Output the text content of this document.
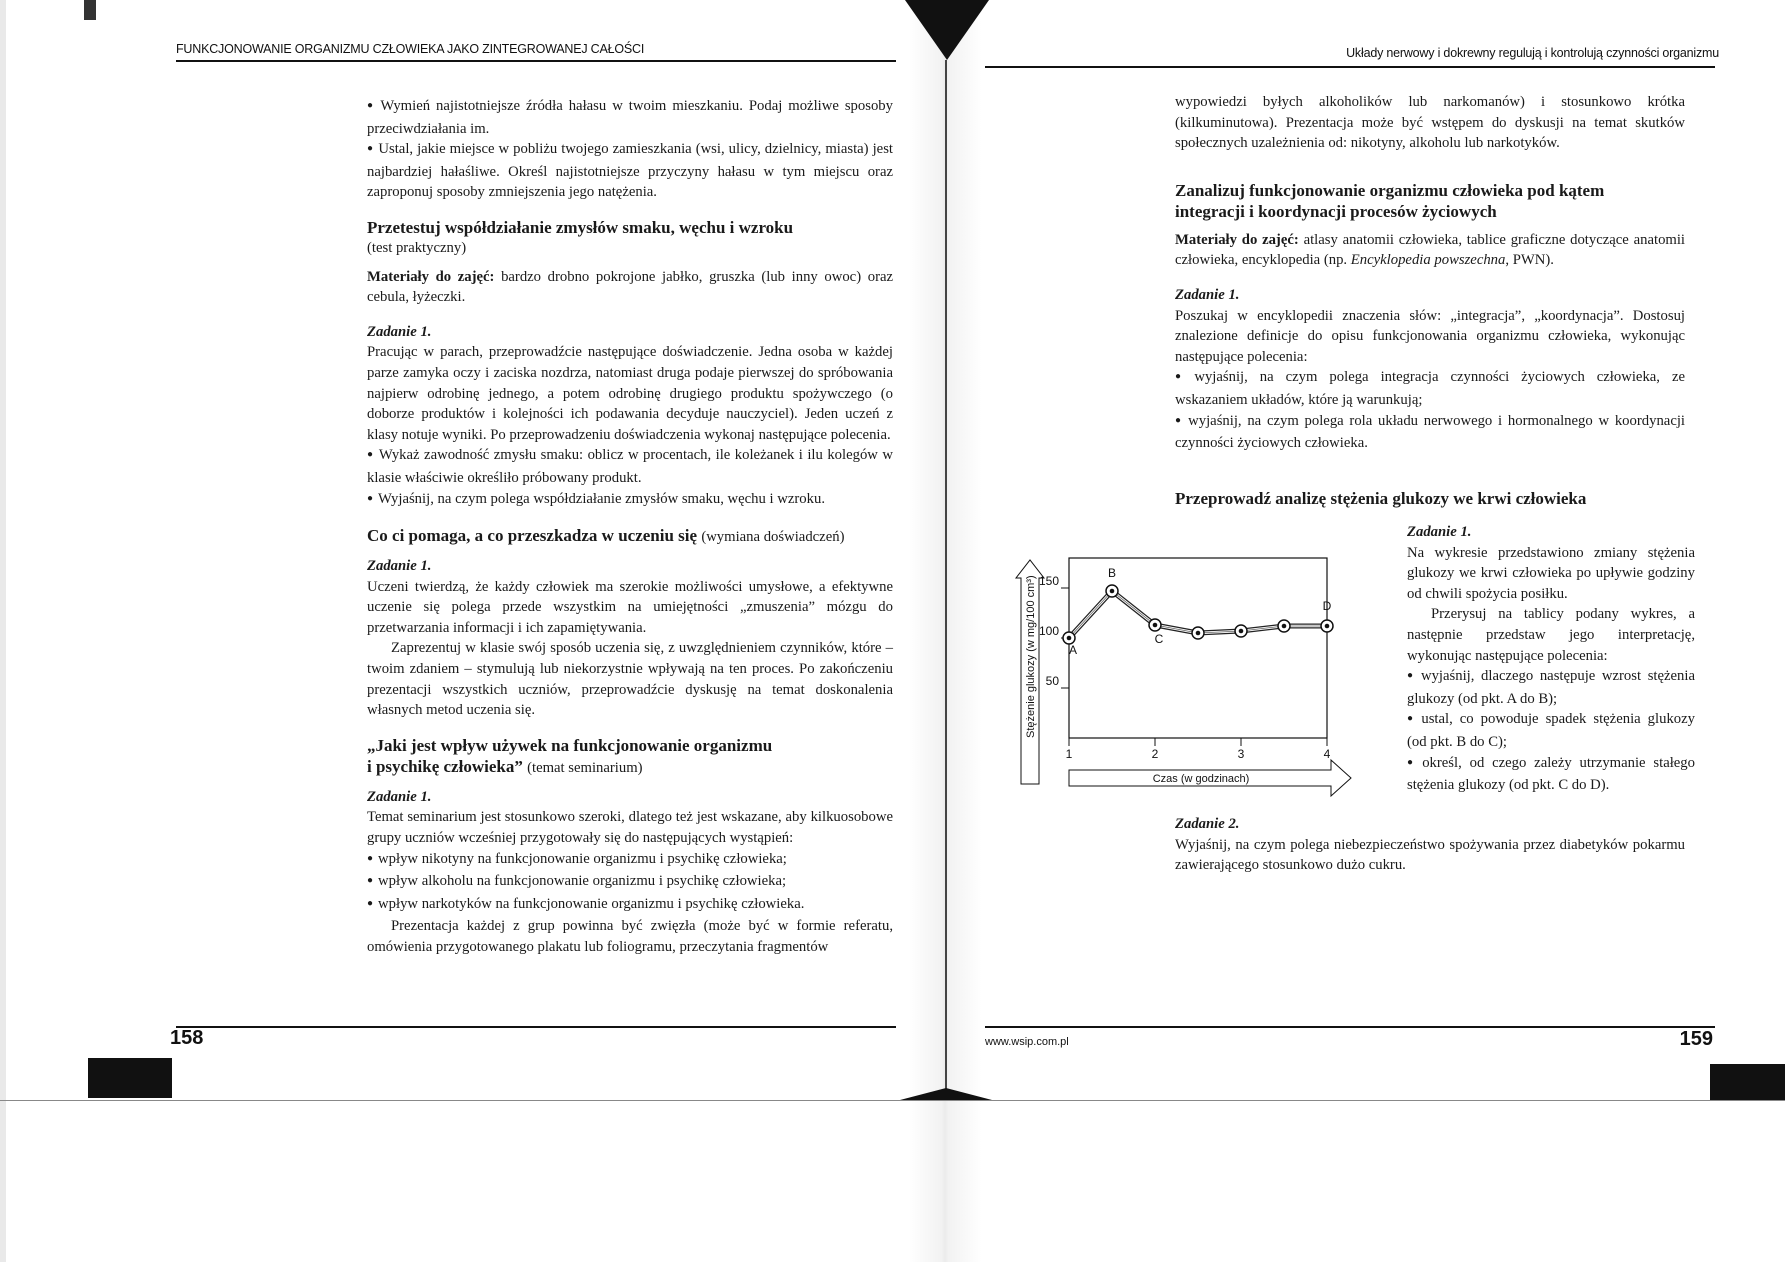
FUNKCJONOWANIE ORGANIZMU CZŁOWIEKA JAKO ZINTEGROWANEJ CAŁOŚCI

● Wymień najistotniejsze źródła hałasu w twoim mieszkaniu. Podaj możliwe sposoby przeciwdziałania im.

● Ustal, jakie miejsce w pobliżu twojego zamieszkania (wsi, ulicy, dzielnicy, miasta) jest najbardziej hałaśliwe. Określ najistotniejsze przyczyny hałasu w tym miejscu oraz zaproponuj sposoby zmniejszenia jego natężenia.

Przetestuj współdziałanie zmysłów smaku, węchu i wzroku

(test praktyczny)

Materiały do zajęć: bardzo drobno pokrojone jabłko, gruszka (lub inny owoc) oraz cebula, łyżeczki.

Zadanie 1.

Pracując w parach, przeprowadźcie następujące doświadczenie. Jedna osoba w każdej parze zamyka oczy i zaciska nozdrza, natomiast druga podaje pierwszej do spróbowania najpierw odrobinę jednego, a potem odrobinę drugiego produktu spożywczego (o doborze produktów i kolejności ich podawania decyduje nauczyciel). Jeden uczeń z klasy notuje wyniki. Po przeprowadzeniu doświadczenia wykonaj następujące polecenia.

● Wykaż zawodność zmysłu smaku: oblicz w procentach, ile koleżanek i ilu kolegów w klasie właściwie określiło próbowany produkt.

● Wyjaśnij, na czym polega współdziałanie zmysłów smaku, węchu i wzroku.

Co ci pomaga, a co przeszkadza w uczeniu się (wymiana doświadczeń)

Zadanie 1.

Uczeni twierdzą, że każdy człowiek ma szerokie możliwości umysłowe, a efektywne uczenie się polega przede wszystkim na umiejętności „zmuszenia” mózgu do przetwarzania informacji i ich zapamiętywania.

Zaprezentuj w klasie swój sposób uczenia się, z uwzględnieniem czynników, które – twoim zdaniem – stymulują lub niekorzystnie wpływają na ten proces. Po zakończeniu prezentacji wszystkich uczniów, przeprowadźcie dyskusję na temat doskonalenia własnych metod uczenia się.

„Jaki jest wpływ używek na funkcjonowanie organizmu
i psychikę człowieka” (temat seminarium)

Zadanie 1.

Temat seminarium jest stosunkowo szeroki, dlatego też jest wskazane, aby kilkuosobowe grupy uczniów wcześniej przygotowały się do następujących wystąpień:

● wpływ nikotyny na funkcjonowanie organizmu i psychikę człowieka;

● wpływ alkoholu na funkcjonowanie organizmu i psychikę człowieka;

● wpływ narkotyków na funkcjonowanie organizmu i psychikę człowieka.

Prezentacja każdej z grup powinna być zwięzła (może być w formie referatu, omówienia przygotowanego plakatu lub foliogramu, przeczytania fragmentów

158
Układy nerwowy i dokrewny regulują i kontrolują czynności organizmu

wypowiedzi byłych alkoholików lub narkomanów) i stosunkowo krótka (kilkuminutowa). Prezentacja może być wstępem do dyskusji na temat skutków społecznych uzależnienia od: nikotyny, alkoholu lub narkotyków.

Zanalizuj funkcjonowanie organizmu człowieka pod kątem
integracji i koordynacji procesów życiowych

Materiały do zajęć: atlasy anatomii człowieka, tablice graficzne dotyczące anatomii człowieka, encyklopedia (np. Encyklopedia powszechna, PWN).

Zadanie 1.

Poszukaj w encyklopedii znaczenia słów: „integracja”, „koordynacja”. Dostosuj znalezione definicje do opisu funkcjonowania organizmu człowieka, wykonując następujące polecenia:

● wyjaśnij, na czym polega integracja czynności życiowych człowieka, ze wskazaniem układów, które ją warunkują;

● wyjaśnij, na czym polega rola układu nerwowego i hormonalnego w koordynacji czynności życiowych człowieka.

Przeprowadź analizę stężenia glukozy we krwi człowieka
Stężenie glukozy (w mg/100 cm³)
Czas (w godzinach)
50
100
150
1	2	3	4
A
B
C
D

Zadanie 1.

Na wykresie przedstawiono zmiany stężenia glukozy we krwi człowieka po upływie godziny od chwili spożycia posiłku.

Przerysuj na tablicy podany wykres, a następnie przedstaw jego interpretację, wykonując następujące polecenia:

● wyjaśnij, dlaczego następuje wzrost stężenia glukozy (od pkt. A do B);

● ustal, co powoduje spadek stężenia glukozy (od pkt. B do C);

● określ, od czego zależy utrzymanie stałego stężenia glukozy (od pkt. C do D).

Zadanie 2.

Wyjaśnij, na czym polega niebezpieczeństwo spożywania przez diabetyków pokarmu zawierającego stosunkowo dużo cukru.

www.wsip.com.pl	159
